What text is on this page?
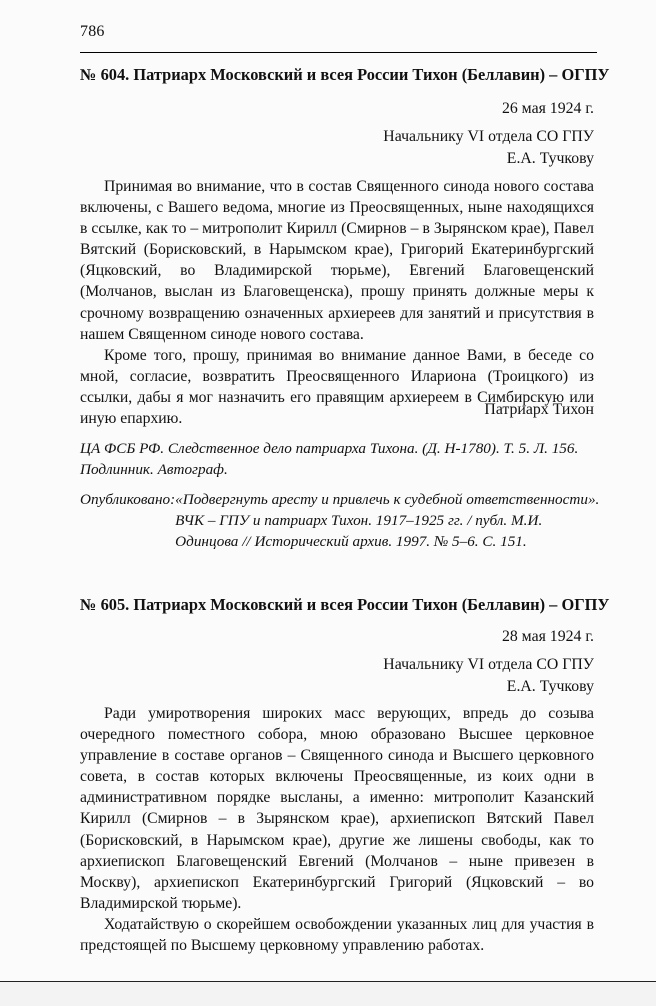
786
№ 604. Патриарх Московский и всея России Тихон (Беллавин) – ОГПУ
26 мая 1924 г.
Начальнику VI отдела СО ГПУ
Е.А. Тучкову

Принимая во внимание, что в состав Священного синода нового состава включены, с Вашего ведома, многие из Преосвященных, ныне находящихся в ссылке, как то – митрополит Кирилл (Смирнов – в Зырянском крае), Павел Вятский (Борисковский, в Нарымском крае), Григорий Екатеринбургский (Яцковский, во Владимирской тюрьме), Евгений Благовещенский (Молчанов, выслан из Благовещенска), прошу принять должные меры к срочному возвращению означенных архиереев для занятий и присутствия в нашем Священном синоде нового состава.

Кроме того, прошу, принимая во внимание данное Вами, в беседе со мной, согласие, возвратить Преосвященного Илариона (Троицкого) из ссылки, дабы я мог назначить его правящим архиереем в Симбирскую или иную епархию.

Патриарх Тихон

ЦА ФСБ РФ. Следственное дело патриарха Тихона. (Д. Н-1780). Т. 5. Л. 156. Подлинник. Автограф.

Опубликовано: «Подвергнуть аресту и привлечь к судебной ответственности». ВЧК – ГПУ и патриарх Тихон. 1917–1925 гг. / публ. М.И. Одинцова // Исторический архив. 1997. № 5–6. С. 151.
№ 605. Патриарх Московский и всея России Тихон (Беллавин) – ОГПУ
28 мая 1924 г.
Начальнику VI отдела СО ГПУ
Е.А. Тучкову

Ради умиротворения широких масс верующих, впредь до созыва очередного поместного собора, мною образовано Высшее церковное управление в составе органов – Священного синода и Высшего церковного совета, в состав которых включены Преосвященные, из коих одни в административном порядке высланы, а именно: митрополит Казанский Кирилл (Смирнов – в Зырянском крае), архиепископ Вятский Павел (Борисковский, в Нарымском крае), другие же лишены свободы, как то архиепископ Благовещенский Евгений (Молчанов – ныне привезен в Москву), архиепископ Екатеринбургский Григорий (Яцковский – во Владимирской тюрьме).

Ходатайствую о скорейшем освобождении указанных лиц для участия в предстоящей по Высшему церковному управлению работах.
